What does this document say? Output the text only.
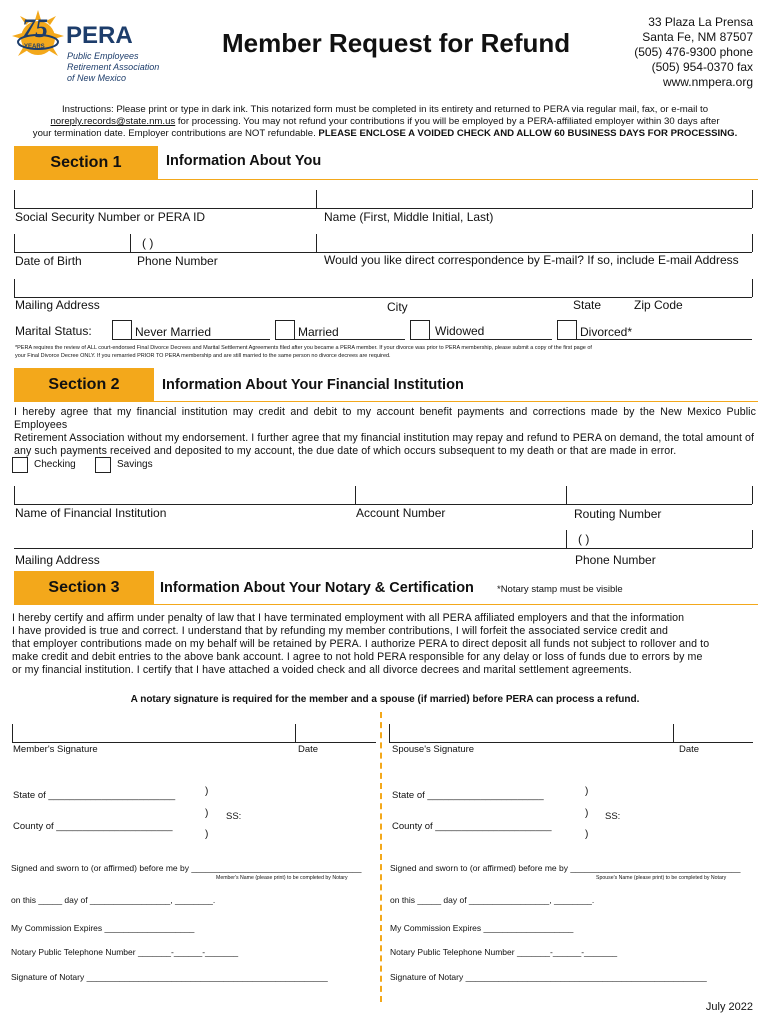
75
YEARS PERA
Public Employees
Retirement Association
of New Mexico
Member Request for Refund
33 Plaza La Prensa
Santa Fe, NM 87507
(505) 476-9300 phone
(505) 954-0370 fax
www.nmpera.org
Instructions: Please print or type in dark ink. This notarized form must be completed in its entirety and returned to PERA via regular mail, fax, or e-mail to
noreply.records@state.nm.us for processing. You may not refund your contributions if you will be employed by a PERA-affiliated employer within 30 days after
your termination date. Employer contributions are NOT refundable. PLEASE ENCLOSE A VOIDED CHECK AND ALLOW 60 BUSINESS DAYS FOR PROCESSING.
Section 1	Information About You
Social Security Number or PERA ID	Name (First, Middle Initial, Last)
( )
Date of Birth	Phone Number	Would you like direct correspondence by E-mail? If so, include E-mail Address
Mailing Address	City	State	Zip Code
Marital Status:	Never Married	Married	Widowed	Divorced*
*PERA requires the review of ALL court-endorsed Final Divorce Decrees and Marital Settlement Agreements filed after you became a PERA member. If your divorce was prior to PERA membership, please submit a copy of the first page of
your Final Divorce Decree ONLY. If you remarried PRIOR TO PERA membership and are still married to the same person no divorce decrees are required.
Section 2	Information About Your Financial Institution
I hereby agree that my financial institution may credit and debit to my account benefit payments and corrections made by the New Mexico Public Employees
Retirement Association without my endorsement. I further agree that my financial institution may repay and refund to PERA on demand, the total amount of
any such payments received and deposited to my account, the due date of which occurs subsequent to my death or that are made in error.
Checking	Savings
Name of Financial Institution	Account Number	Routing Number
( )
Mailing Address	Phone Number
Section 3	Information About Your Notary & Certification *Notary stamp must be visible
I hereby certify and affirm under penalty of law that I have terminated employment with all PERA affiliated employers and that the information
I have provided is true and correct. I understand that by refunding my member contributions, I will forfeit the associated service credit and
that employer contributions made on my behalf will be retained by PERA. I authorize PERA to direct deposit all funds not subject to rollover and to
make credit and debit entries to the above bank account. I agree to not hold PERA responsible for any delay or loss of funds due to errors by me
or my financial institution. I certify that I have attached a voided check and all divorce decrees and marital settlement agreements.
A notary signature is required for the member and a spouse (if married) before PERA can process a refund.
Member's Signature	Date
State of ________________________
County of ______________________
)
)
)
SS:
Signed and sworn to (or affirmed) before me by ____________________________________
Member's Name (please print) to be completed by Notary
on this _____ day of _________________, ________.
My Commission Expires ___________________
Notary Public Telephone Number _______-______-_______
Signature of Notary ___________________________________________________
Spouse's Signature	Date
State of ______________________
County of ______________________
)
)
)
SS:
Signed and sworn to (or affirmed) before me by ____________________________________
Spouse's Name (please print) to be completed by Notary
on this _____ day of _________________, ________.
My Commission Expires ___________________
Notary Public Telephone Number _______-______-_______
Signature of Notary ___________________________________________________
July 2022
